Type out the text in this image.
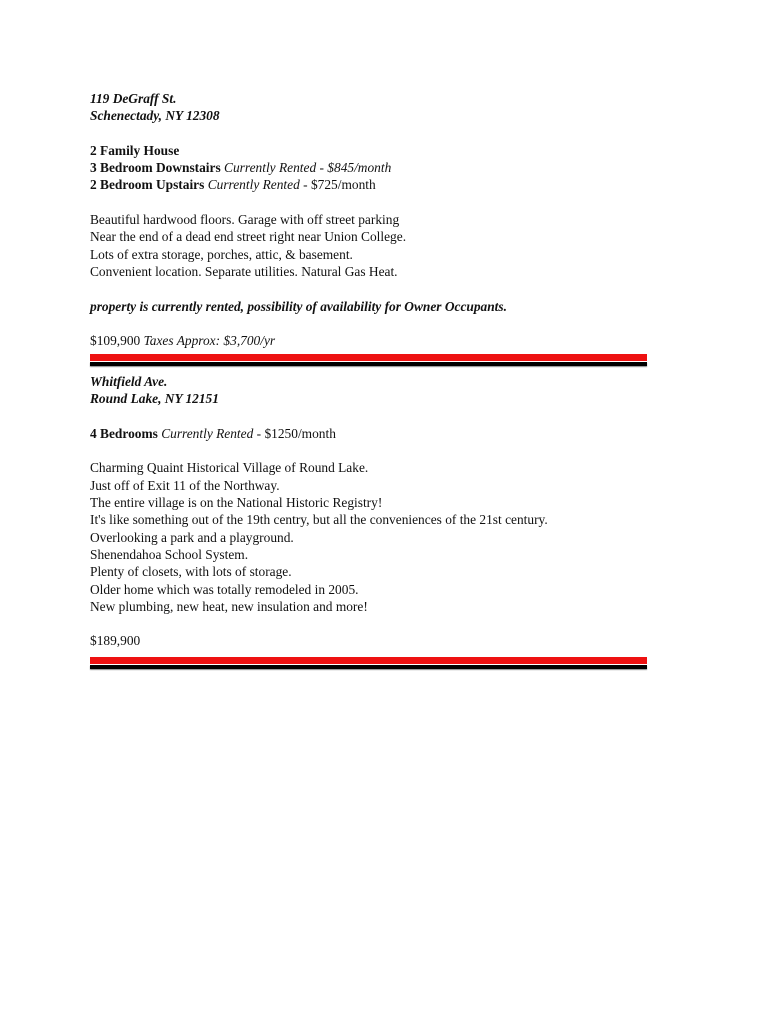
119 DeGraff St.
Schenectady, NY 12308
2 Family House
3 Bedroom Downstairs Currently Rented - $845/month
2 Bedroom Upstairs Currently Rented - $725/month
Beautiful hardwood floors. Garage with off street parking
Near the end of a dead end street right near Union College.
Lots of extra storage, porches, attic, & basement.
Convenient location. Separate utilities. Natural Gas Heat.
property is currently rented, possibility of availability for Owner Occupants.
$109,900 Taxes Approx: $3,700/yr
Whitfield Ave.
Round Lake, NY 12151
4 Bedrooms Currently Rented - $1250/month
Charming Quaint Historical Village of Round Lake.
Just off of Exit 11 of the Northway.
The entire village is on the National Historic Registry!
It's like something out of the 19th centry, but all the conveniences of the 21st century.
Overlooking a park and a playground.
Shenendahoa School System.
Plenty of closets, with lots of storage.
Older home which was totally remodeled in 2005.
New plumbing, new heat, new insulation and more!
$189,900
